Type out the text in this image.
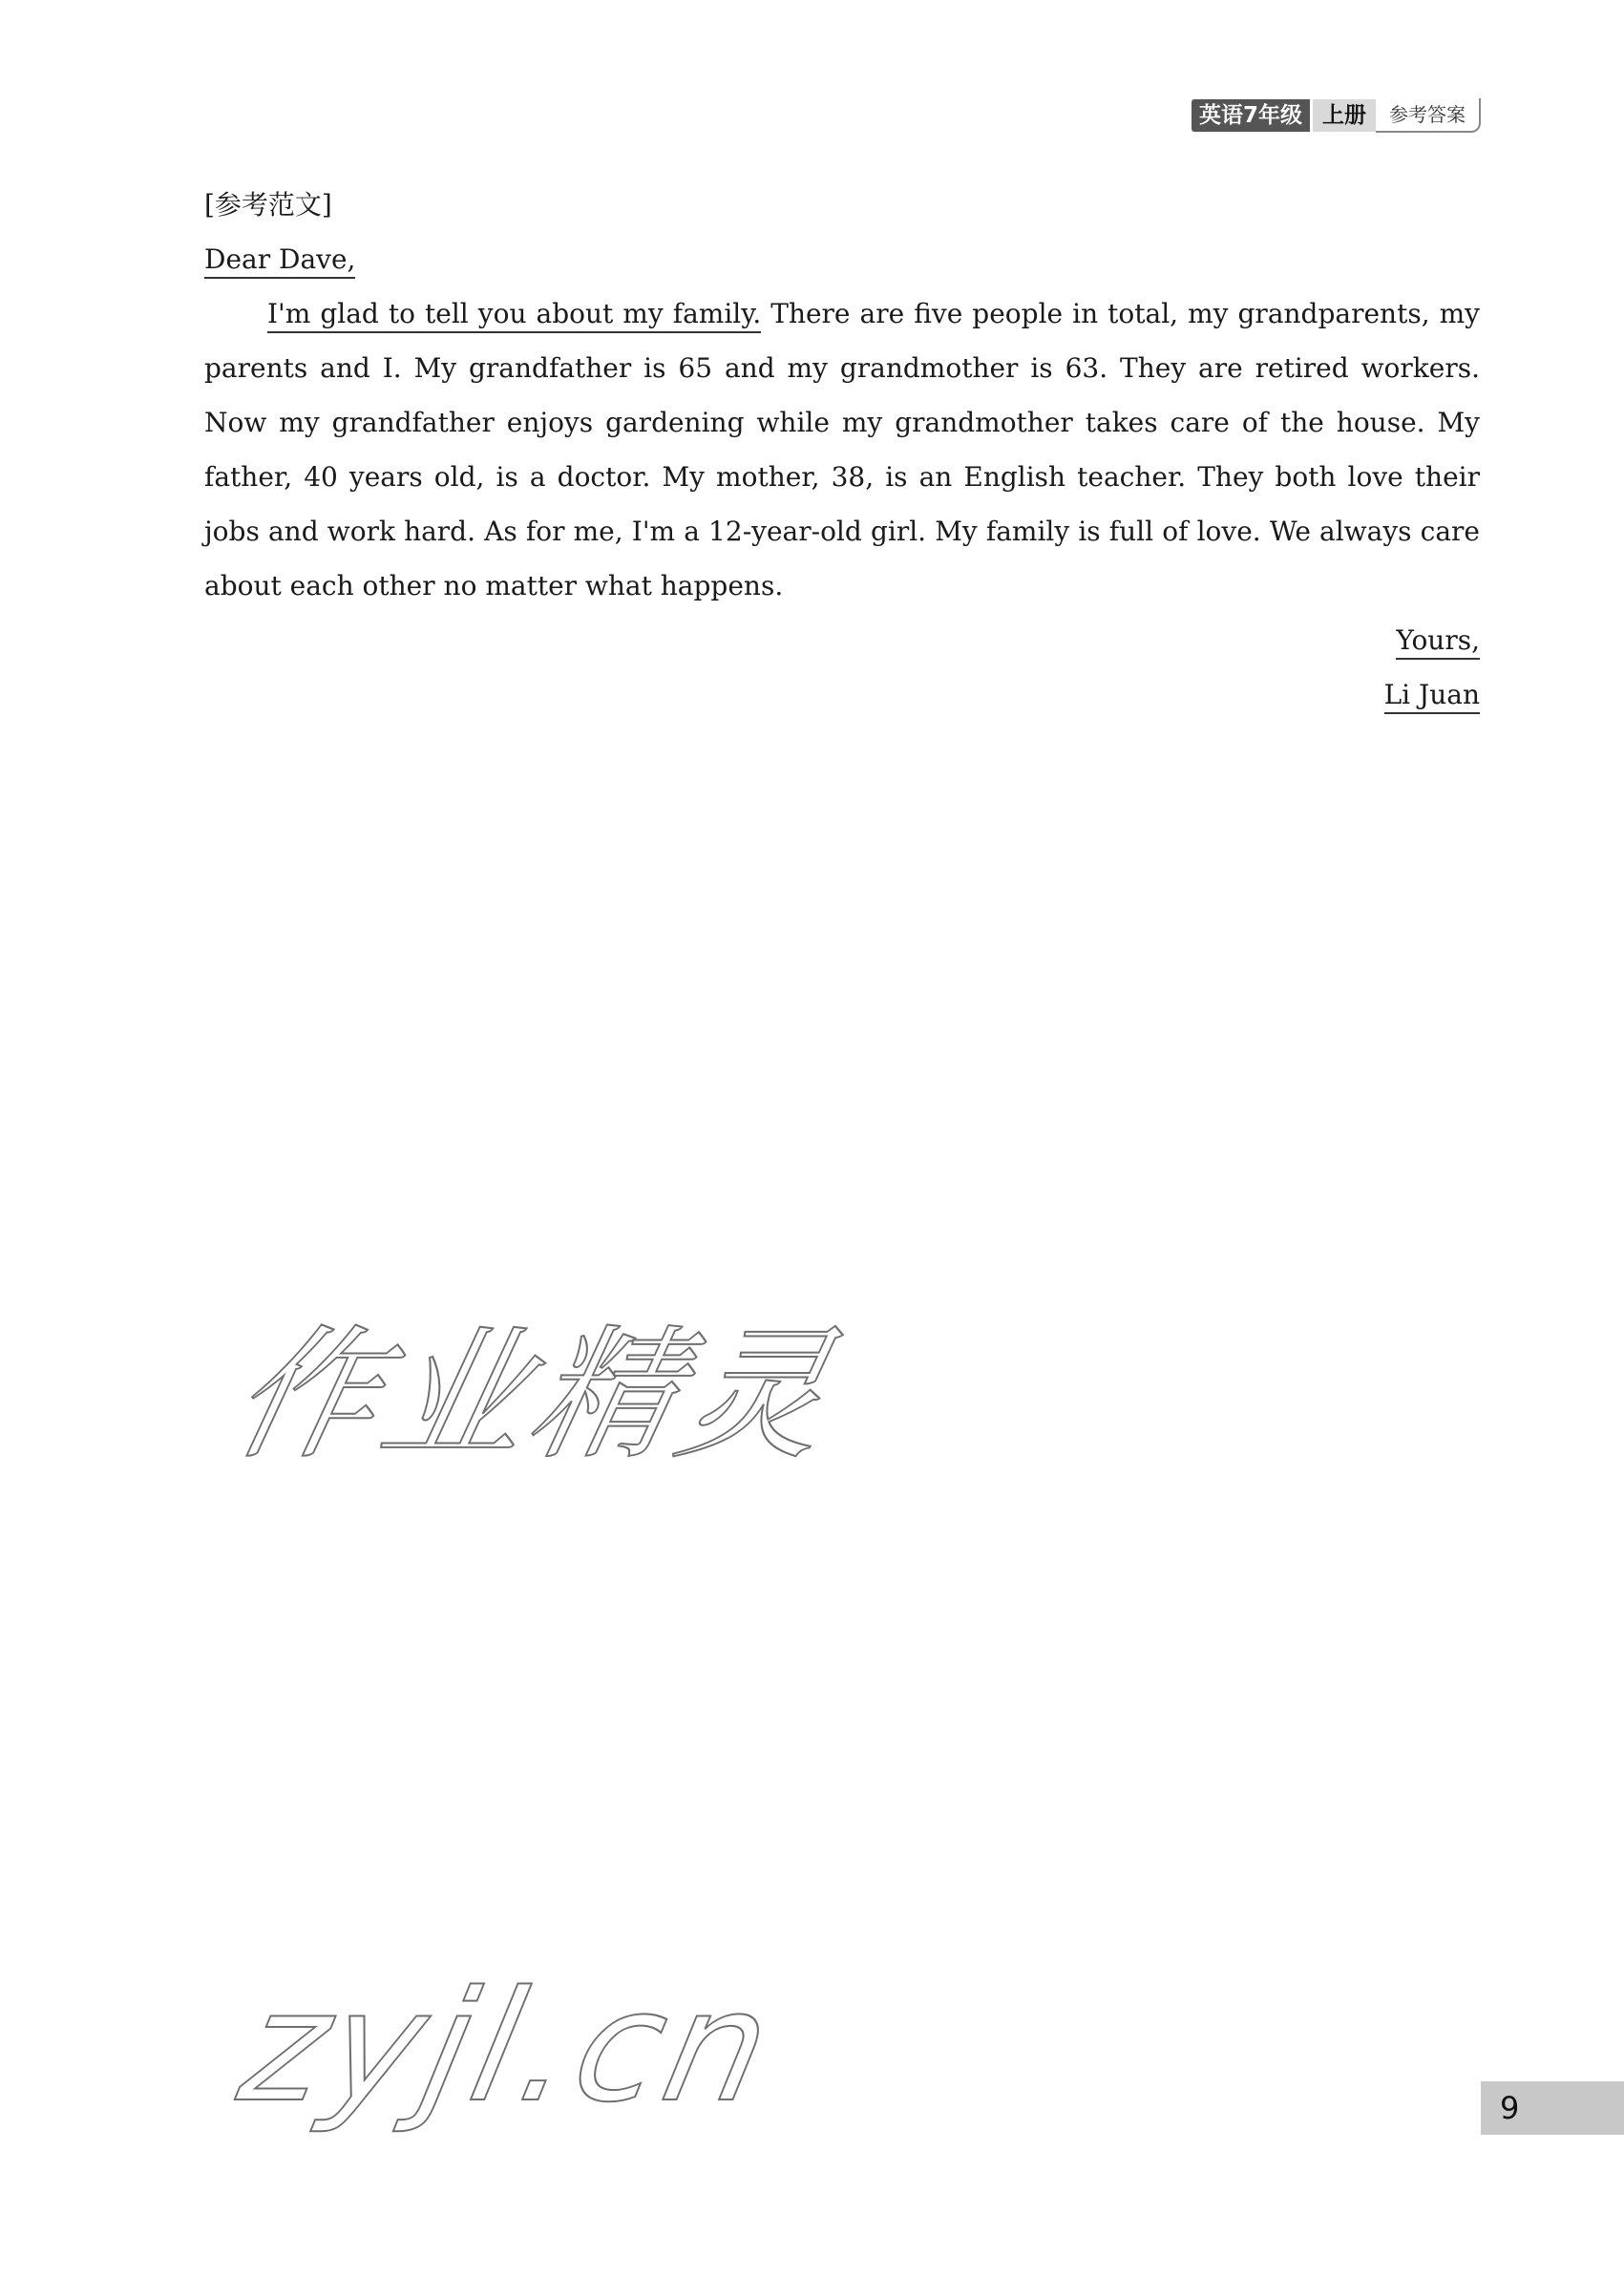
英语7年级 上册	参考答案
[参考范文]
Dear Dave,

I'm glad to tell you about my family. There are five people in total, my grandparents, my parents and I. My grandfather is 65 and my grandmother is 63. They are retired workers. Now my grandfather enjoys gardening while my grandmother takes care of the house. My father, 40 years old, is a doctor. My mother, 38, is an English teacher. They both love their jobs and work hard. As for me, I'm a 12-year-old girl. My family is full of love. We always care about each other no matter what happens.

Yours,
Li Juan
作业精灵
zyjl.cn	9
